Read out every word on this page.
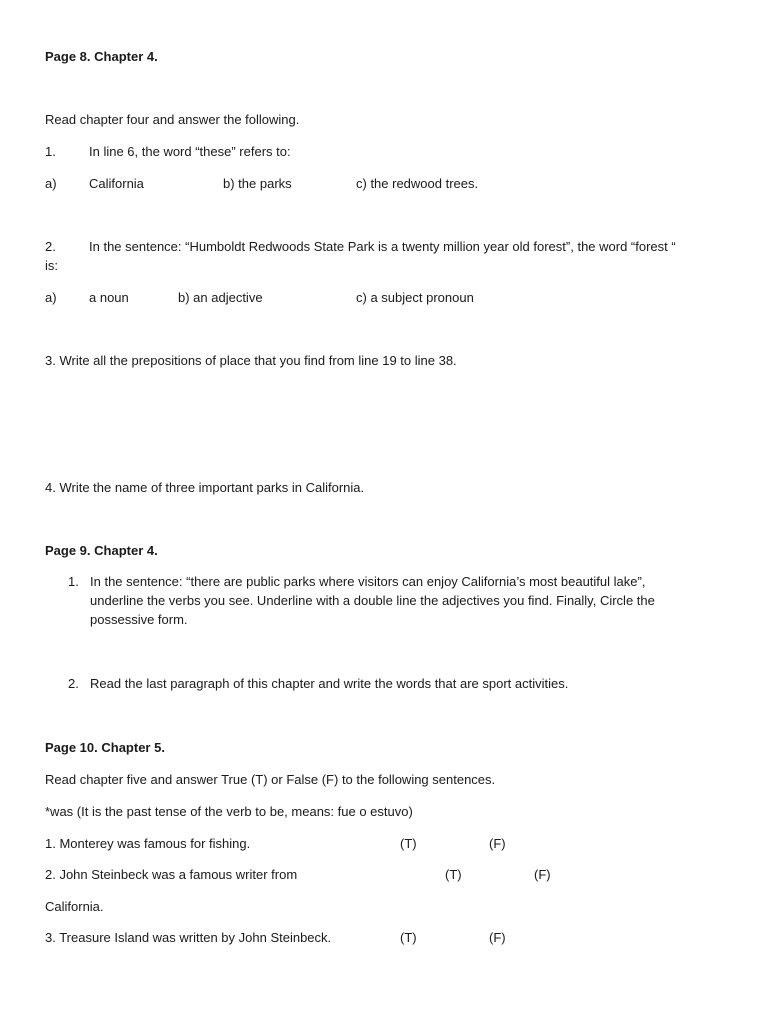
Page 8. Chapter 4.
Read chapter four and answer the following.
1.	In line 6, the word “these” refers to:
a) California	b) the parks	c) the redwood trees.
2.	In the sentence: “Humboldt Redwoods State Park is a twenty million year old forest”, the word “forest “
is:
a) a noun	b) an adjective	c) a subject pronoun
3. Write all the prepositions of place that you find from line 19 to line 38.
4. Write the name of three important parks in California.
Page 9. Chapter 4.
1. In the sentence: “there are public parks where visitors can enjoy California’s most beautiful lake”,
underline the verbs you see. Underline with a double line the adjectives you find. Finally, Circle the
possessive form.
2. Read the last paragraph of this chapter and write the words that are sport activities.
Page 10. Chapter 5.
Read chapter five and answer True (T) or False (F) to the following sentences.
*was (It is the past tense of the verb to be, means: fue o estuvo)
1. Monterey was famous for fishing.	(T)	(F)
2. John Steinbeck was a famous writer from	(T)	(F)
California.
3. Treasure Island was written by John Steinbeck.	(T)	(F)
